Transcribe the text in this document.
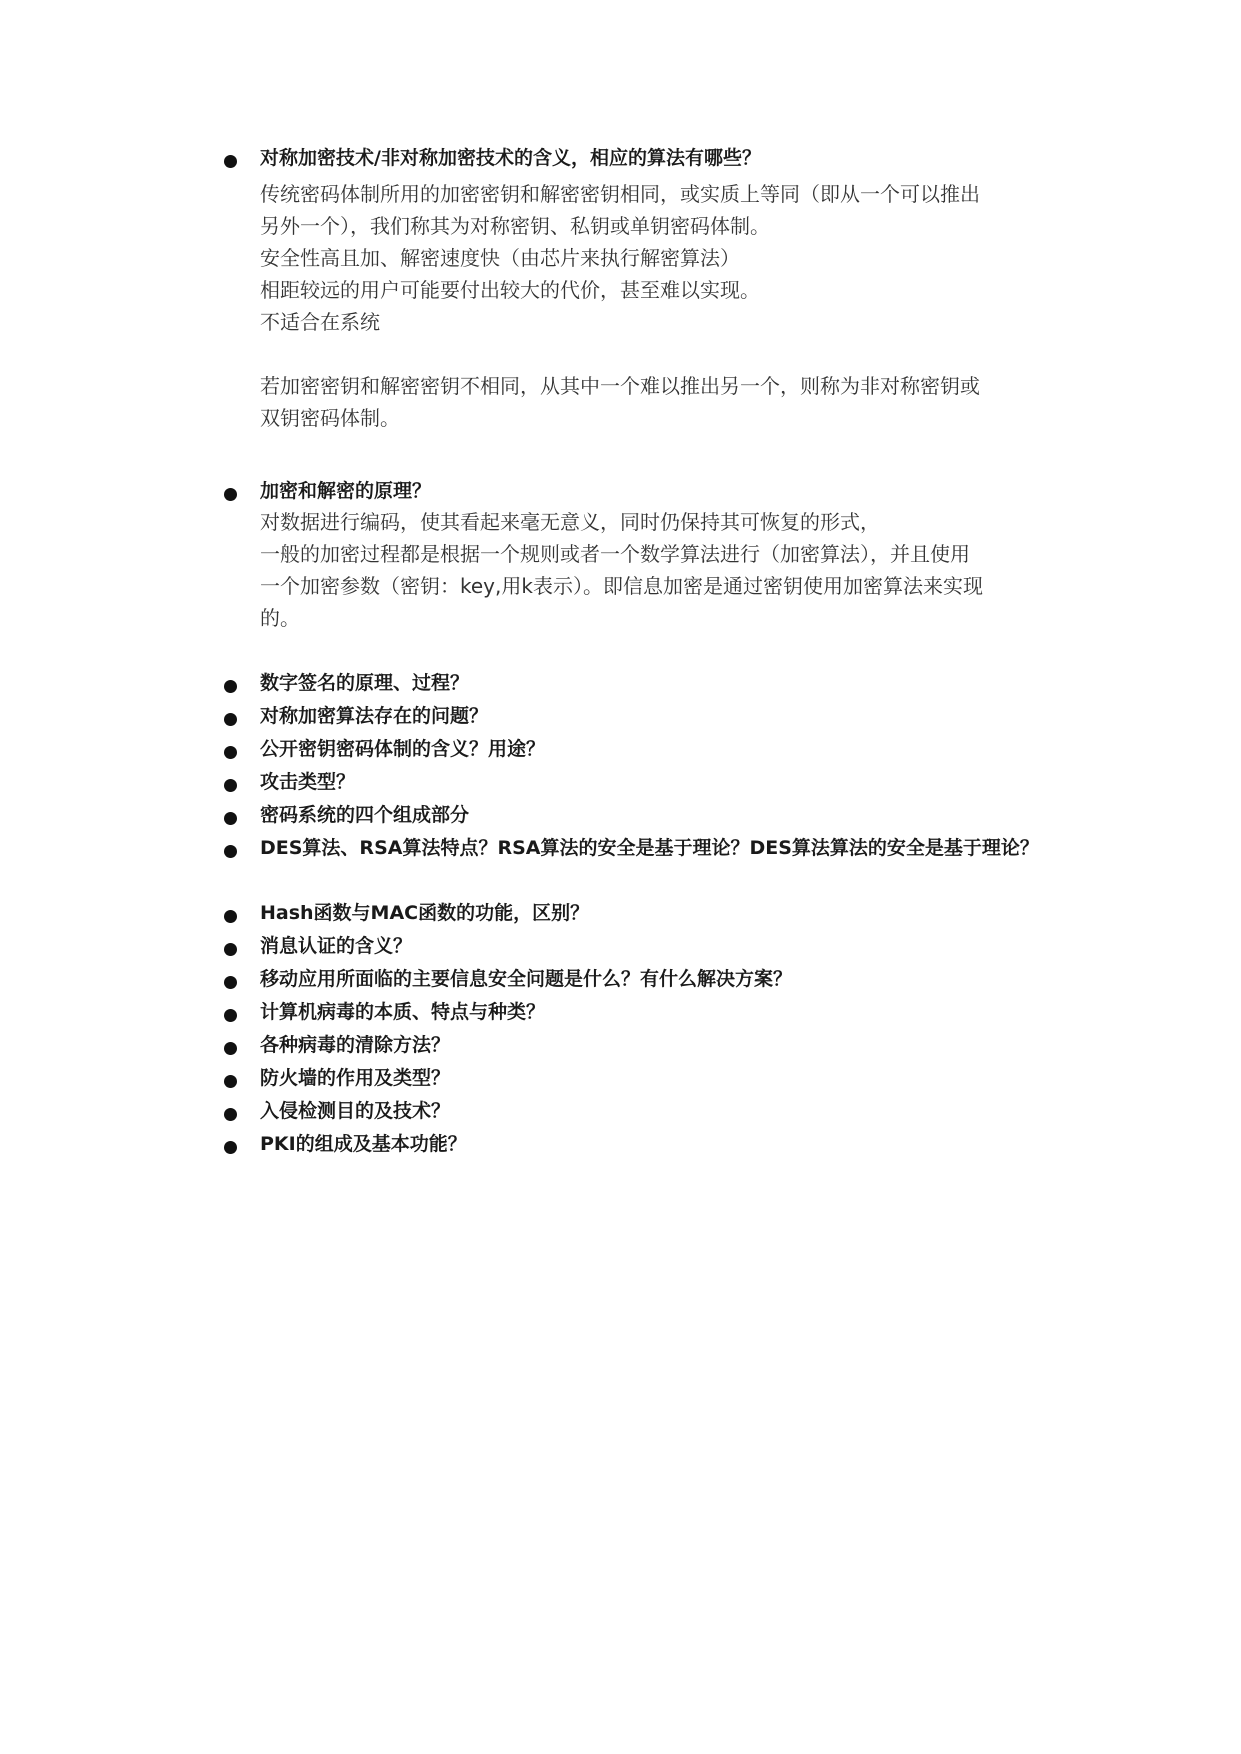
对称加密技术/非对称加密技术的含义，相应的算法有哪些？
传统密码体制所用的加密密钥和解密密钥相同，或实质上等同（即从一个可以推出
另外一个），我们称其为对称密钥、私钥或单钥密码体制。
安全性高且加、解密速度快（由芯片来执行解密算法）
相距较远的用户可能要付出较大的代价，甚至难以实现。
不适合在系统
若加密密钥和解密密钥不相同，从其中一个难以推出另一个，则称为非对称密钥或
双钥密码体制。
加密和解密的原理？
对数据进行编码，使其看起来毫无意义，同时仍保持其可恢复的形式，
一般的加密过程都是根据一个规则或者一个数学算法进行（加密算法），并且使用
一个加密参数（密钥：key,用k表示）。即信息加密是通过密钥使用加密算法来实现
的。
数字签名的原理、过程？
对称加密算法存在的问题？
公开密钥密码体制的含义？用途？
攻击类型？
密码系统的四个组成部分
DES算法、RSA算法特点？RSA算法的安全是基于理论？DES算法算法的安全是基于理论？
Hash函数与MAC函数的功能，区别？
消息认证的含义？
移动应用所面临的主要信息安全问题是什么？有什么解决方案？
计算机病毒的本质、特点与种类？
各种病毒的清除方法？
防火墙的作用及类型？
入侵检测目的及技术？
PKI的组成及基本功能？
